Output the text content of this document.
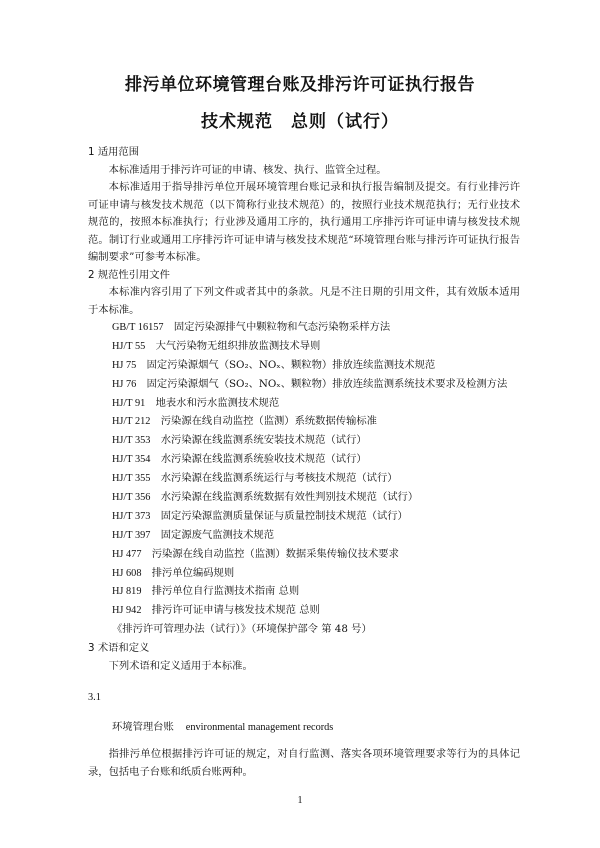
排污单位环境管理台账及排污许可证执行报告
技术规范　总则（试行）
1 适用范围

本标准适用于排污许可证的申请、核发、执行、监管全过程。

本标准适用于指导排污单位开展环境管理台账记录和执行报告编制及提交。有行业排污许可证申请与核发技术规范（以下简称行业技术规范）的，按照行业技术规范执行；无行业技术规范的，按照本标准执行；行业涉及通用工序的，执行通用工序排污许可证申请与核发技术规范。制订行业或通用工序排污许可证申请与核发技术规范“环境管理台账与排污许可证执行报告编制要求”可参考本标准。

2 规范性引用文件

本标准内容引用了下列文件或者其中的条款。凡是不注日期的引用文件，其有效版本适用于本标准。

GB/T 16157　 固定污染源排气中颗粒物和气态污染物采样方法
HJ/T 55　 大气污染物无组织排放监测技术导则
HJ 75　 固定污染源烟气（SO₂、NOₓ、颗粒物）排放连续监测技术规范
HJ 76　 固定污染源烟气（SO₂、NOₓ、颗粒物）排放连续监测系统技术要求及检测方法
HJ/T 91　 地表水和污水监测技术规范
HJ/T 212　 污染源在线自动监控（监测）系统数据传输标准
HJ/T 353　 水污染源在线监测系统安装技术规范（试行）
HJ/T 354　 水污染源在线监测系统验收技术规范（试行）
HJ/T 355　 水污染源在线监测系统运行与考核技术规范（试行）
HJ/T 356　 水污染源在线监测系统数据有效性判别技术规范（试行）
HJ/T 373　 固定污染源监测质量保证与质量控制技术规范（试行）
HJ/T 397　 固定源废气监测技术规范
HJ 477　 污染源在线自动监控（监测）数据采集传输仪技术要求
HJ 608　 排污单位编码规则
HJ 819　 排污单位自行监测技术指南 总则
HJ 942　 排污许可证申请与核发技术规范 总则
《排污许可管理办法（试行）》（环境保护部令 第 48 号）
3 术语和定义

下列术语和定义适用于本标准。

3.1
环境管理台账 environmental management records

指排污单位根据排污许可证的规定，对自行监测、落实各项环境管理要求等行为的具体记录，包括电子台账和纸质台账两种。

1
